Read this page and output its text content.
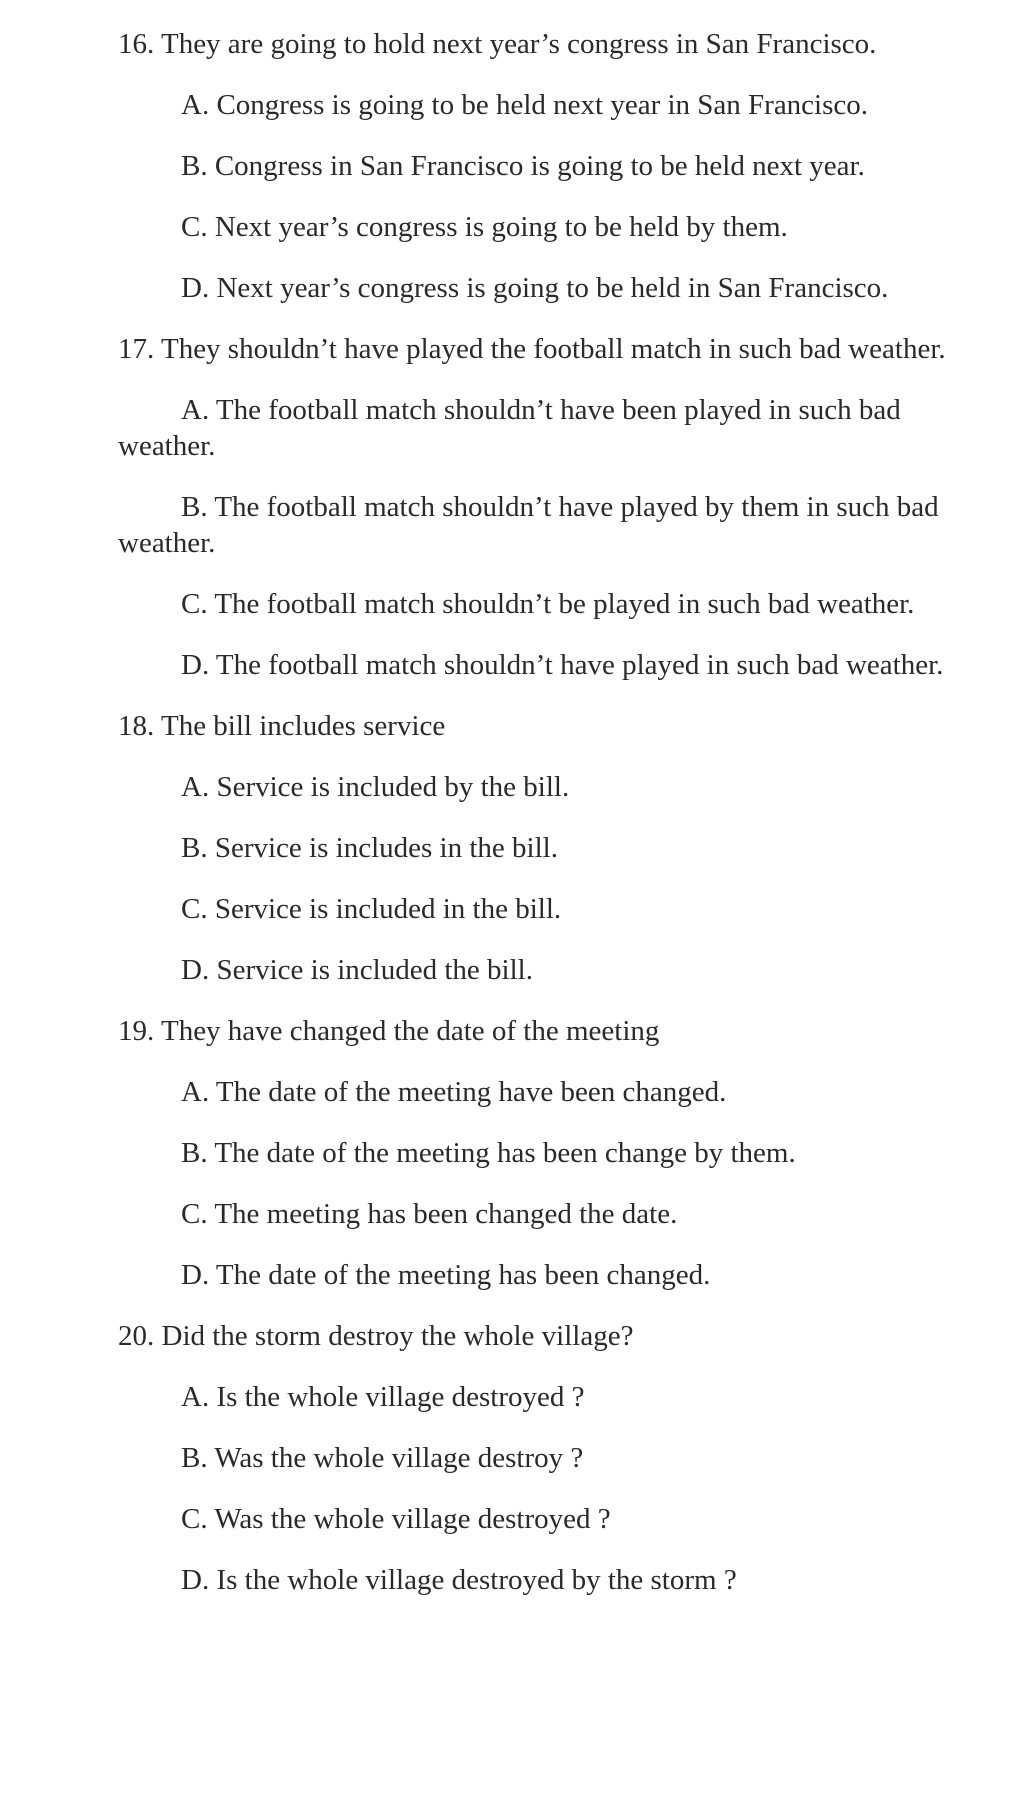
16. They are going to hold next year’s congress in San Francisco.

A. Congress is going to be held next year in San Francisco.

B. Congress in San Francisco is going to be held next year.

C. Next year’s congress is going to be held by them.

D. Next year’s congress is going to be held in San Francisco.

17. They shouldn’t have played the football match in such bad weather.

A. The football match shouldn’t have been played in such bad weather.

B. The football match shouldn’t have played by them in such bad weather.

C. The football match shouldn’t be played in such bad weather.

D. The football match shouldn’t have played in such bad weather.

18. The bill includes service

A. Service is included by the bill.

B. Service is includes in the bill.

C. Service is included in the bill.

D. Service is included the bill.

19. They have changed the date of the meeting

A. The date of the meeting have been changed.

B. The date of the meeting has been change by them.

C. The meeting has been changed the date.

D. The date of the meeting has been changed.

20. Did the storm destroy the whole village?

A. Is the whole village destroyed ?

B. Was the whole village destroy ?

C. Was the whole village destroyed ?

D. Is the whole village destroyed by the storm ?
